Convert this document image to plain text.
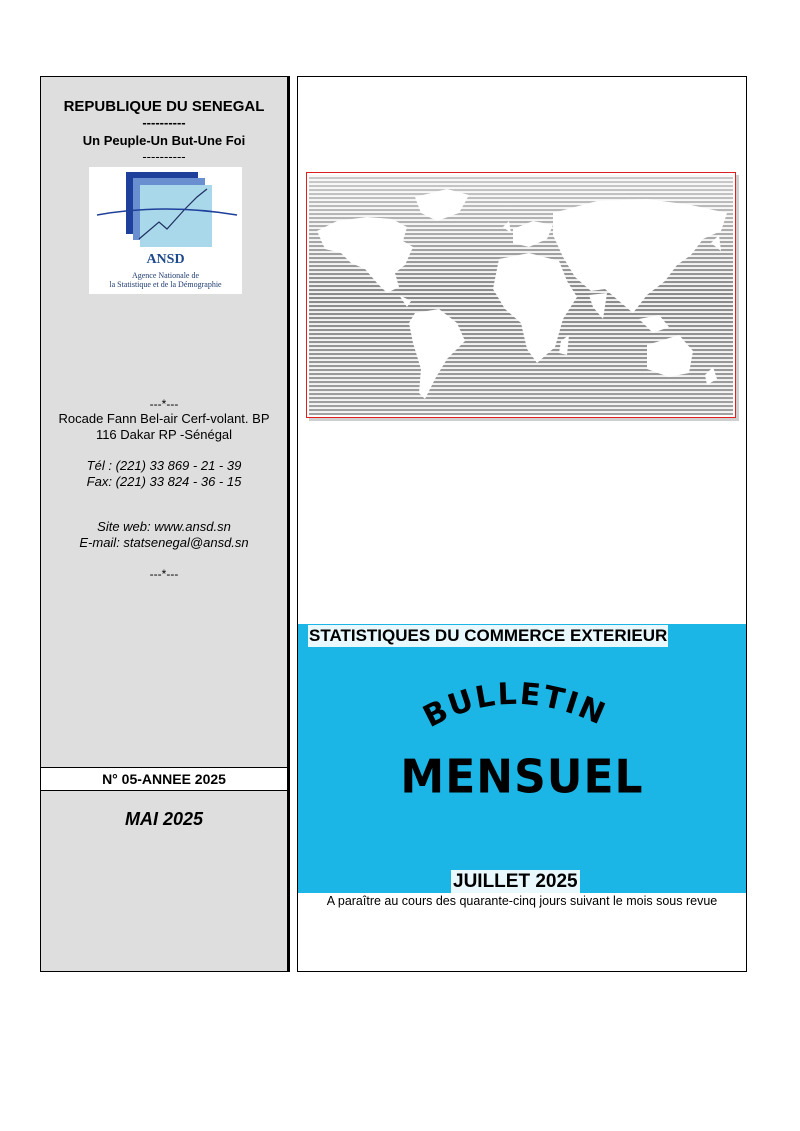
REPUBLIQUE DU SENEGAL
----------
Un Peuple-Un But-Une Foi
----------
ANSD
Agence Nationale de
la Statistique et de la Démographie
---*---
Rocade Fann Bel-air Cerf-volant. BP
116 Dakar RP -Sénégal
Tél : (221) 33 869 - 21 - 39
Fax: (221) 33 824 - 36 - 15
Site web: www.ansd.sn
E-mail: statsenegal@ansd.sn
---*---
N° 05-ANNEE 2025
MAI 2025
STATISTIQUES DU COMMERCE EXTERIEUR
BULLETIN
MENSUEL
JUILLET 2025
A paraître au cours des quarante-cinq jours suivant le mois sous revue
